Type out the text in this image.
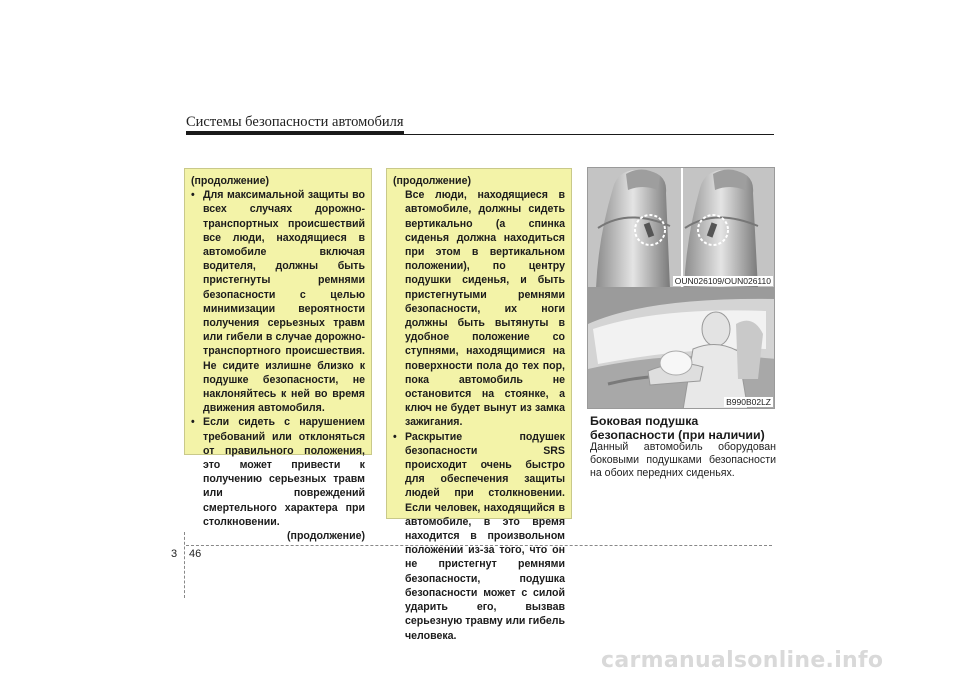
Системы безопасности автомобиля

(продолжение)

• Для максимальной защиты во всех случаях дорожно-транспортных происшествий все люди, находящиеся в автомобиле включая водителя, должны быть пристегнуты ремнями безопасности с целью минимизации вероятности получения серьезных травм или гибели в случае дорожно-транспортного происшествия. Не сидите излишне близко к подушке безопасности, не наклоняйтесь к ней во время движения автомобиля.

• Если сидеть с нарушением требований или отклоняться от правильного положения, это может привести к получению серьезных травм или повреждений смертельного характера при столкновении.

(продолжение)

(продолжение)

Все люди, находящиеся в автомобиле, должны сидеть вертикально (а спинка сиденья должна находиться при этом в вертикальном положении), по центру подушки сиденья, и быть пристегнутыми ремнями безопасности, их ноги должны быть вытянуты в удобное положение со ступнями, находящимися на поверхности пола до тех пор, пока автомобиль не остановится на стоянке, а ключ не будет вынут из замка зажигания.

• Раскрытие подушек безопасности SRS происходит очень быстро для обеспечения защиты людей при столкновении. Если человек, находящийся в автомобиле, в это время находится в произвольном положении из-за того, что он не пристегнут ремнями безопасности, подушка безопасности может с силой ударить его, вызвав серьезную травму или гибель человека.

OUN026109/OUN026110
B990B02LZ
Боковая подушка безопасности (при наличии)
Данный автомобиль оборудован боковыми подушками безопасности на обоих передних сиденьях.
3 46
carmanualsonline.info
